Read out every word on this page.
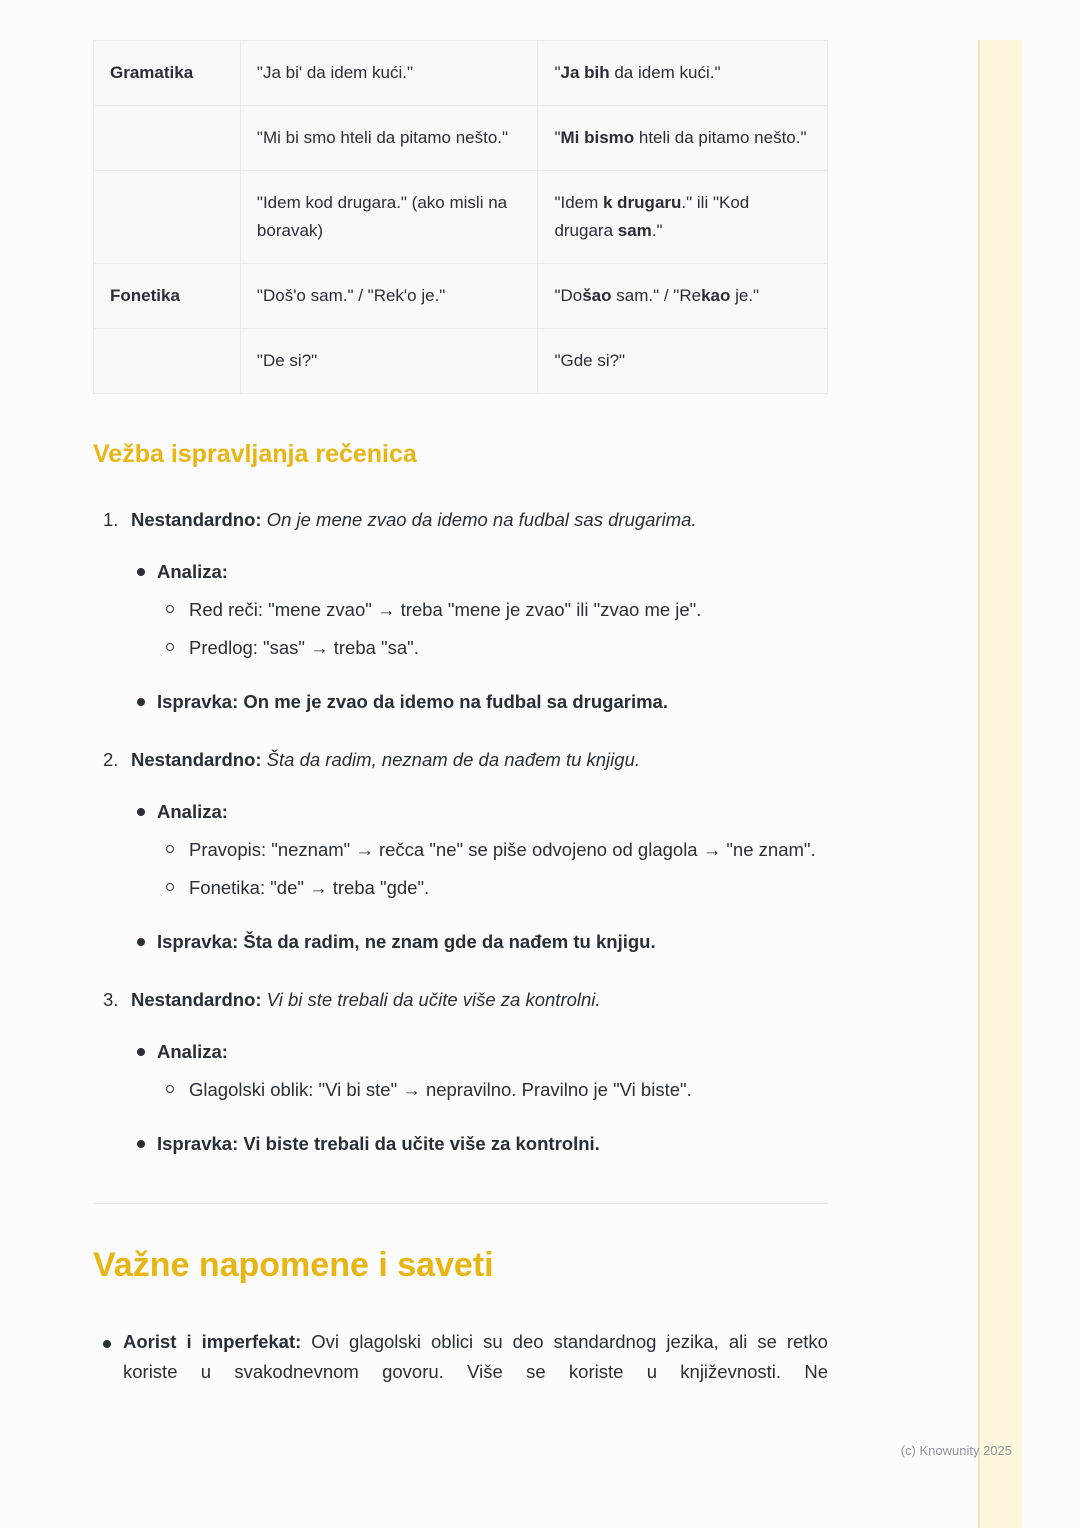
Gramatika	"Ja bi' da idem kući."	"Ja bih da idem kući."
	"Mi bi smo hteli da pitamo nešto."	"Mi bismo hteli da pitamo nešto."
	"Idem kod drugara." (ako misli na boravak)	"Idem k drugaru." ili "Kod drugara sam."
Fonetika	"Doš'o sam." / "Rek'o je."	"Došao sam." / "Rekao je."
	"De si?"	"Gde si?"
Vežba ispravljanja rečenica
1. Nestandardno: On je mene zvao da idemo na fudbal sas drugarima.

Analiza:

Red reči: "mene zvao" → treba "mene je zvao" ili "zvao me je".

Predlog: "sas" → treba "sa".

Ispravka: On me je zvao da idemo na fudbal sa drugarima.

2. Nestandardno: Šta da radim, neznam de da nađem tu knjigu.

Analiza:

Pravopis: "neznam" → rečca "ne" se piše odvojeno od glagola → "ne znam".

Fonetika: "de" → treba "gde".

Ispravka: Šta da radim, ne znam gde da nađem tu knjigu.

3. Nestandardno: Vi bi ste trebali da učite više za kontrolni.

Analiza:

Glagolski oblik: "Vi bi ste" → nepravilno. Pravilno je "Vi biste".

Ispravka: Vi biste trebali da učite više za kontrolni.

Važne napomene i saveti

Aorist i imperfekat: Ovi glagolski oblici su deo standardnog jezika, ali se retko koriste u svakodnevnom govoru. Više se koriste u književnosti. Ne

(c) Knowunity 2025
